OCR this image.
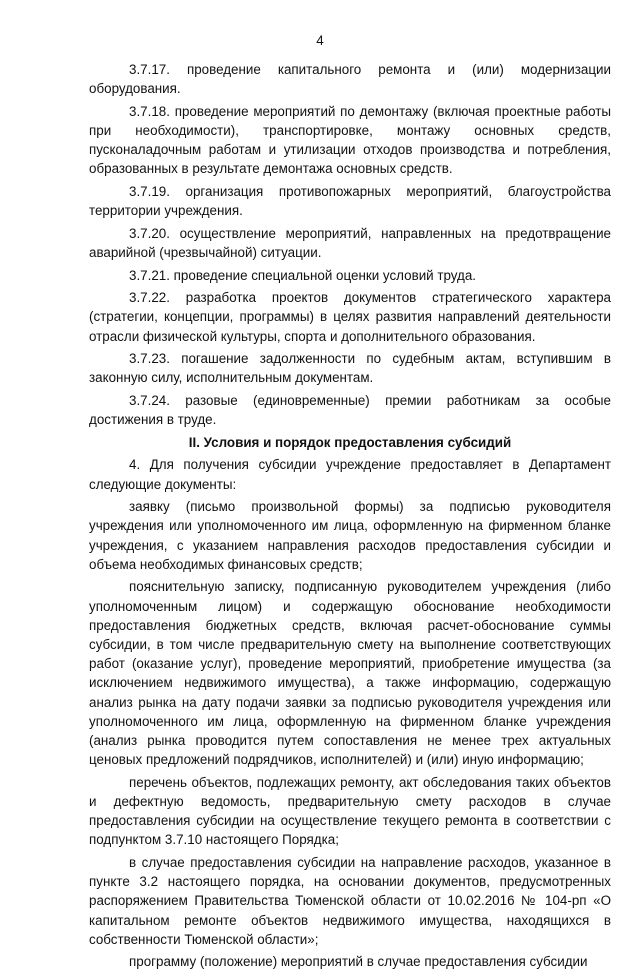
4

3.7.17. проведение капитального ремонта и (или) модернизации оборудования.

3.7.18. проведение мероприятий по демонтажу (включая проектные работы при необходимости), транспортировке, монтажу основных средств, пусконаладочным работам и утилизации отходов производства и потребления, образованных в результате демонтажа основных средств.

3.7.19. организация противопожарных мероприятий, благоустройства территории учреждения.

3.7.20. осуществление мероприятий, направленных на предотвращение аварийной (чрезвычайной) ситуации.

3.7.21. проведение специальной оценки условий труда.

3.7.22. разработка проектов документов стратегического характера (стратегии, концепции, программы) в целях развития направлений деятельности отрасли физической культуры, спорта и дополнительного образования.

3.7.23. погашение задолженности по судебным актам, вступившим в законную силу, исполнительным документам.

3.7.24. разовые (единовременные) премии работникам за особые достижения в труде.

II. Условия и порядок предоставления субсидий

4. Для получения субсидии учреждение предоставляет в Департамент следующие документы:

заявку (письмо произвольной формы) за подписью руководителя учреждения или уполномоченного им лица, оформленную на фирменном бланке учреждения, с указанием направления расходов предоставления субсидии и объема необходимых финансовых средств;

пояснительную записку, подписанную руководителем учреждения (либо уполномоченным лицом) и содержащую обоснование необходимости предоставления бюджетных средств, включая расчет-обоснование суммы субсидии, в том числе предварительную смету на выполнение соответствующих работ (оказание услуг), проведение мероприятий, приобретение имущества (за исключением недвижимого имущества), а также информацию, содержащую анализ рынка на дату подачи заявки за подписью руководителя учреждения или уполномоченного им лица, оформленную на фирменном бланке учреждения (анализ рынка проводится путем сопоставления не менее трех актуальных ценовых предложений подрядчиков, исполнителей) и (или) иную информацию;

перечень объектов, подлежащих ремонту, акт обследования таких объектов и дефектную ведомость, предварительную смету расходов в случае предоставления субсидии на осуществление текущего ремонта в соответствии с подпунктом 3.7.10 настоящего Порядка;

в случае предоставления субсидии на направление расходов, указанное в пункте 3.2 настоящего порядка, на основании документов, предусмотренных распоряжением Правительства Тюменской области от 10.02.2016 № 104-рп «О капитальном ремонте объектов недвижимого имущества, находящихся в собственности Тюменской области»;

программу (положение) мероприятий в случае предоставления субсидии
